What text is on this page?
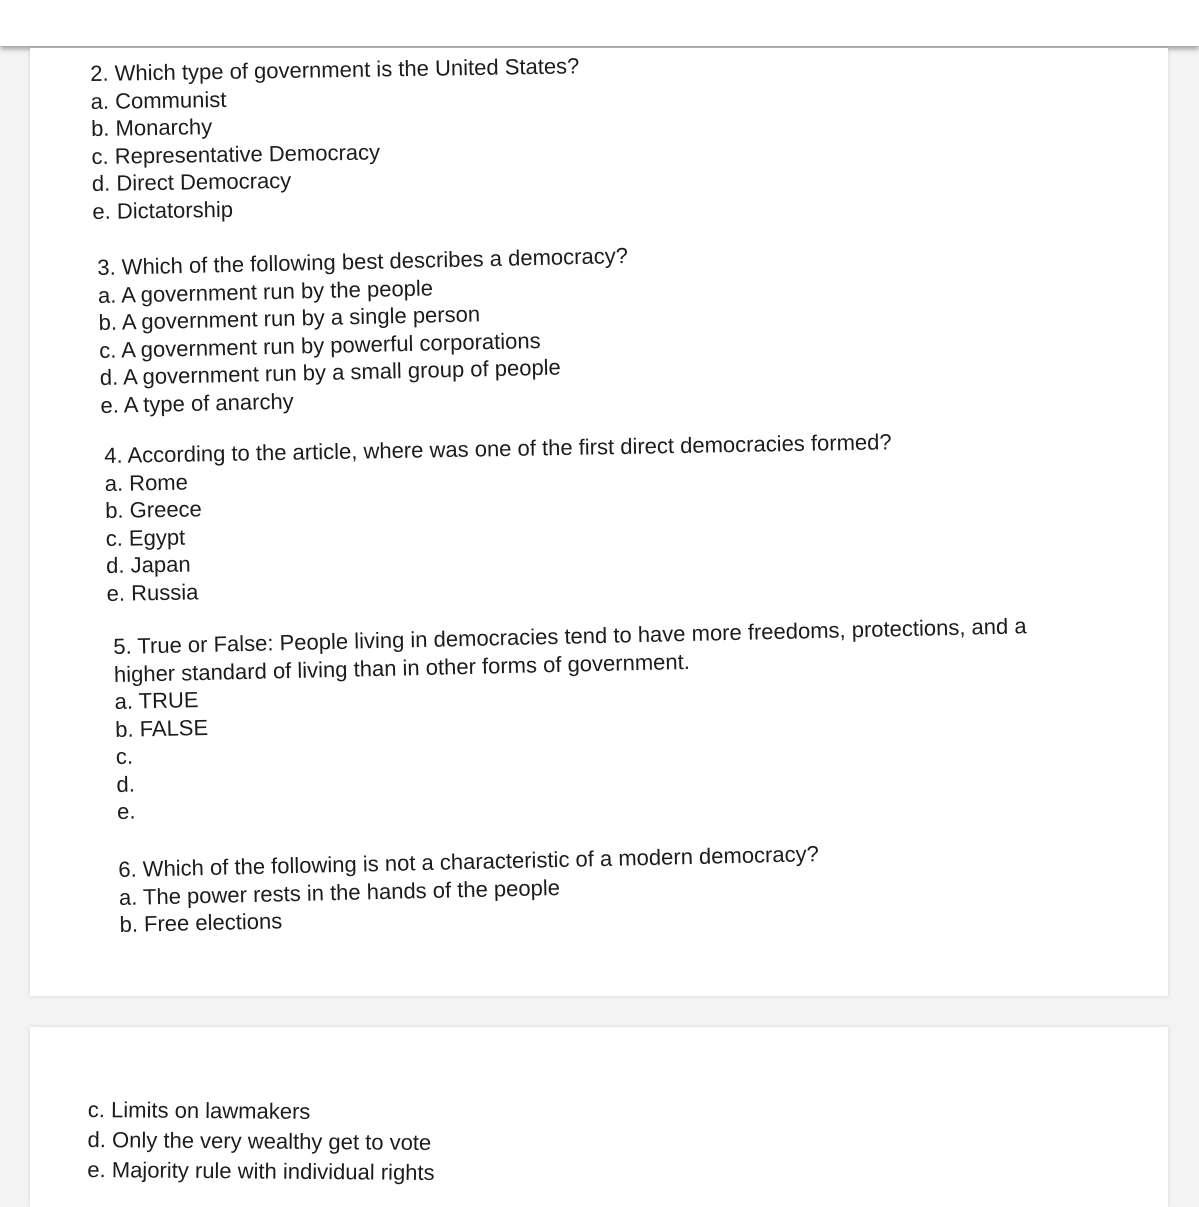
2. Which type of government is the United States?
a. Communist
b. Monarchy
c. Representative Democracy
d. Direct Democracy
e. Dictatorship
3. Which of the following best describes a democracy?
a. A government run by the people
b. A government run by a single person
c. A government run by powerful corporations
d. A government run by a small group of people
e. A type of anarchy
4. According to the article, where was one of the first direct democracies formed?
a. Rome
b. Greece
c. Egypt
d. Japan
e. Russia
5. True or False: People living in democracies tend to have more freedoms, protections, and a
higher standard of living than in other forms of government.
a. TRUE
b. FALSE
c.
d.
e.
6. Which of the following is not a characteristic of a modern democracy?
a. The power rests in the hands of the people
b. Free elections
c. Limits on lawmakers
d. Only the very wealthy get to vote
e. Majority rule with individual rights
